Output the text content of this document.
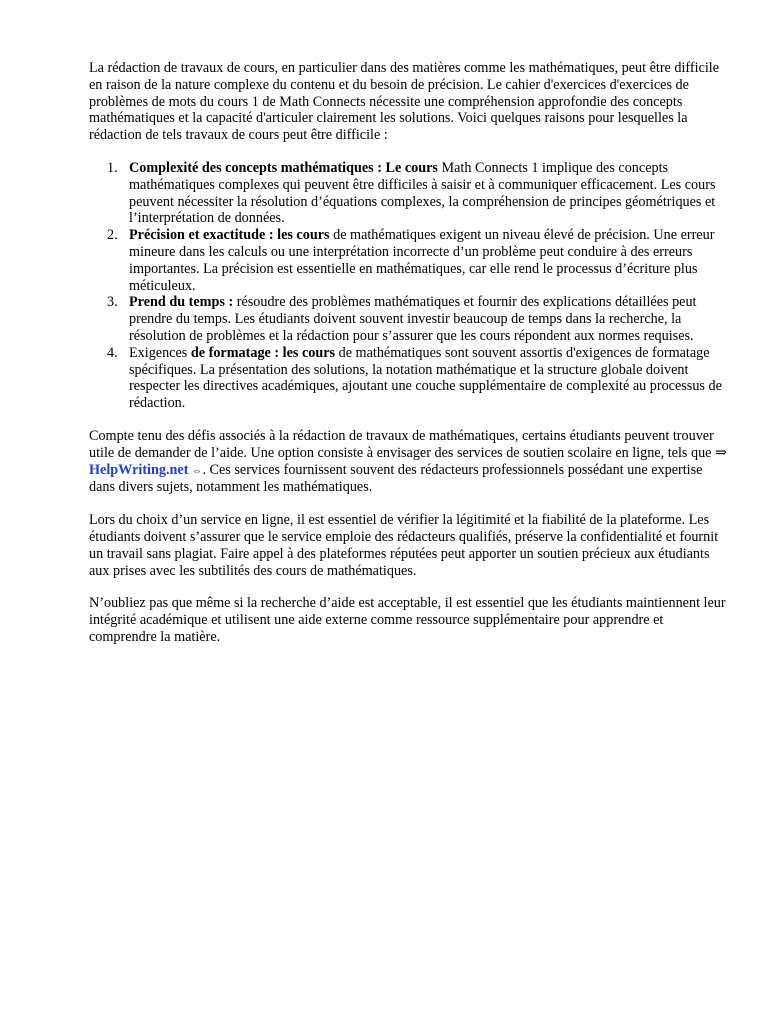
La rédaction de travaux de cours, en particulier dans des matières comme les mathématiques, peut être difficile en raison de la nature complexe du contenu et du besoin de précision. Le cahier d'exercices d'exercices de problèmes de mots du cours 1 de Math Connects nécessite une compréhension approfondie des concepts mathématiques et la capacité d'articuler clairement les solutions. Voici quelques raisons pour lesquelles la rédaction de tels travaux de cours peut être difficile :

1. Complexité des concepts mathématiques : Le cours Math Connects 1 implique des concepts mathématiques complexes qui peuvent être difficiles à saisir et à communiquer efficacement. Les cours peuvent nécessiter la résolution d’équations complexes, la compréhension de principes géométriques et l’interprétation de données.
2. Précision et exactitude : les cours de mathématiques exigent un niveau élevé de précision. Une erreur mineure dans les calculs ou une interprétation incorrecte d’un problème peut conduire à des erreurs importantes. La précision est essentielle en mathématiques, car elle rend le processus d’écriture plus méticuleux.
3. Prend du temps : résoudre des problèmes mathématiques et fournir des explications détaillées peut prendre du temps. Les étudiants doivent souvent investir beaucoup de temps dans la recherche, la résolution de problèmes et la rédaction pour s’assurer que les cours répondent aux normes requises.
4. Exigences de formatage : les cours de mathématiques sont souvent assortis d'exigences de formatage spécifiques. La présentation des solutions, la notation mathématique et la structure globale doivent respecter les directives académiques, ajoutant une couche supplémentaire de complexité au processus de rédaction.

Compte tenu des défis associés à la rédaction de travaux de mathématiques, certains étudiants peuvent trouver utile de demander de l’aide. Une option consiste à envisager des services de soutien scolaire en ligne, tels que ⇒ HelpWriting.net ⇔. Ces services fournissent souvent des rédacteurs professionnels possédant une expertise dans divers sujets, notamment les mathématiques.

Lors du choix d’un service en ligne, il est essentiel de vérifier la légitimité et la fiabilité de la plateforme. Les étudiants doivent s’assurer que le service emploie des rédacteurs qualifiés, préserve la confidentialité et fournit un travail sans plagiat. Faire appel à des plateformes réputées peut apporter un soutien précieux aux étudiants aux prises avec les subtilités des cours de mathématiques.

N’oubliez pas que même si la recherche d’aide est acceptable, il est essentiel que les étudiants maintiennent leur intégrité académique et utilisent une aide externe comme ressource supplémentaire pour apprendre et comprendre la matière.
